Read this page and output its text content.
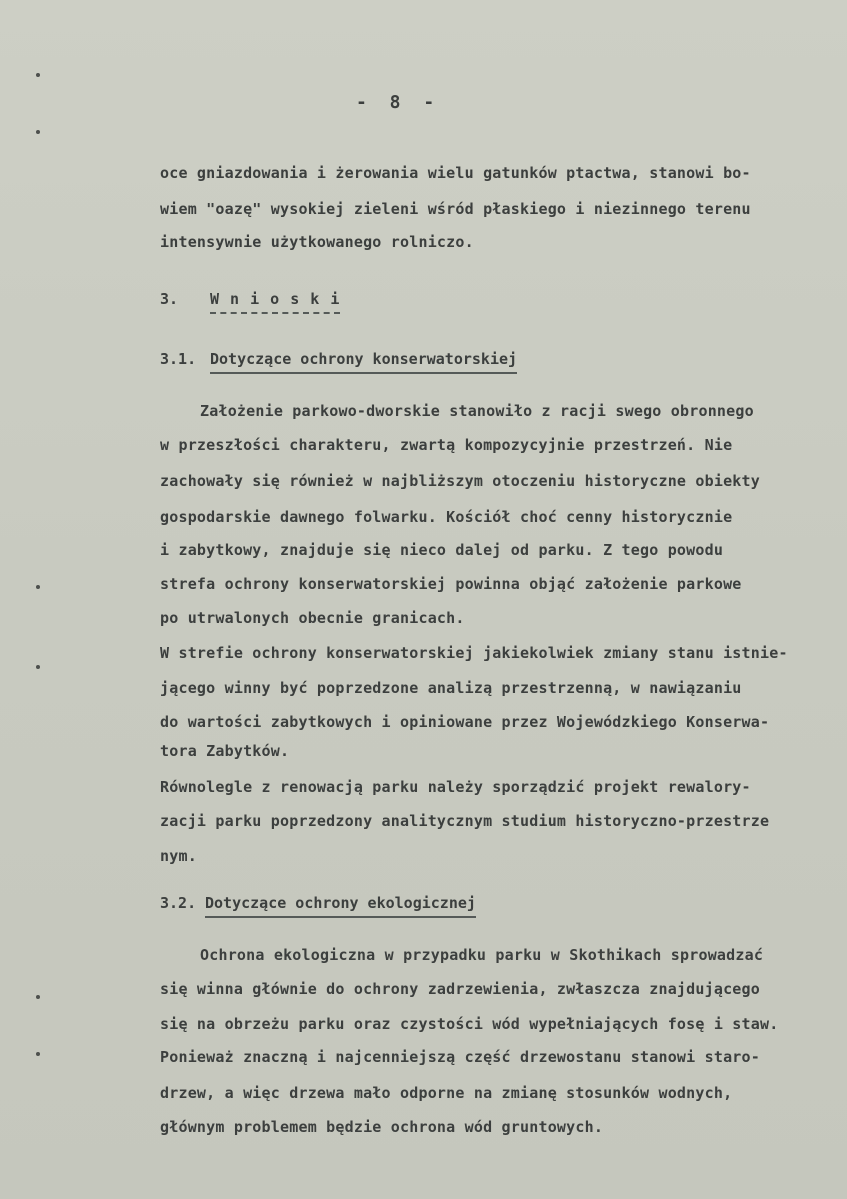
- 8 -
oce gniazdowania i żerowania wielu gatunków ptactwa, stanowi bo-
wiem "oazę" wysokiej zieleni wśród płaskiego i niezinnego terenu
intensywnie użytkowanego rolniczo.
3. W n i o s k i
3.1. Dotyczące ochrony konserwatorskiej
Założenie parkowo-dworskie stanowiło z racji swego obronnego
w przeszłości charakteru, zwartą kompozycyjnie przestrzeń. Nie
zachowały się również w najbliższym otoczeniu historyczne obiekty
gospodarskie dawnego folwarku. Kościół choć cenny historycznie
i zabytkowy, znajduje się nieco dalej od parku. Z tego powodu
strefa ochrony konserwatorskiej powinna objąć założenie parkowe
po utrwalonych obecnie granicach.
W strefie ochrony konserwatorskiej jakiekolwiek zmiany stanu istnie-
jącego winny być poprzedzone analizą przestrzenną, w nawiązaniu
do wartości zabytkowych i opiniowane przez Wojewódzkiego Konserwa-
tora Zabytków.
Równolegle z renowacją parku należy sporządzić projekt rewalory-
zacji parku poprzedzony analitycznym studium historyczno-przestrze
nym.
3.2. Dotyczące ochrony ekologicznej
Ochrona ekologiczna w przypadku parku w Skothikach sprowadzać
się winna głównie do ochrony zadrzewienia, zwłaszcza znajdującego
się na obrzeżu parku oraz czystości wód wypełniających fosę i staw.
Ponieważ znaczną i najcenniejszą część drzewostanu stanowi staro-
drzew, a więc drzewa mało odporne na zmianę stosunków wodnych,
głównym problemem będzie ochrona wód gruntowych.
